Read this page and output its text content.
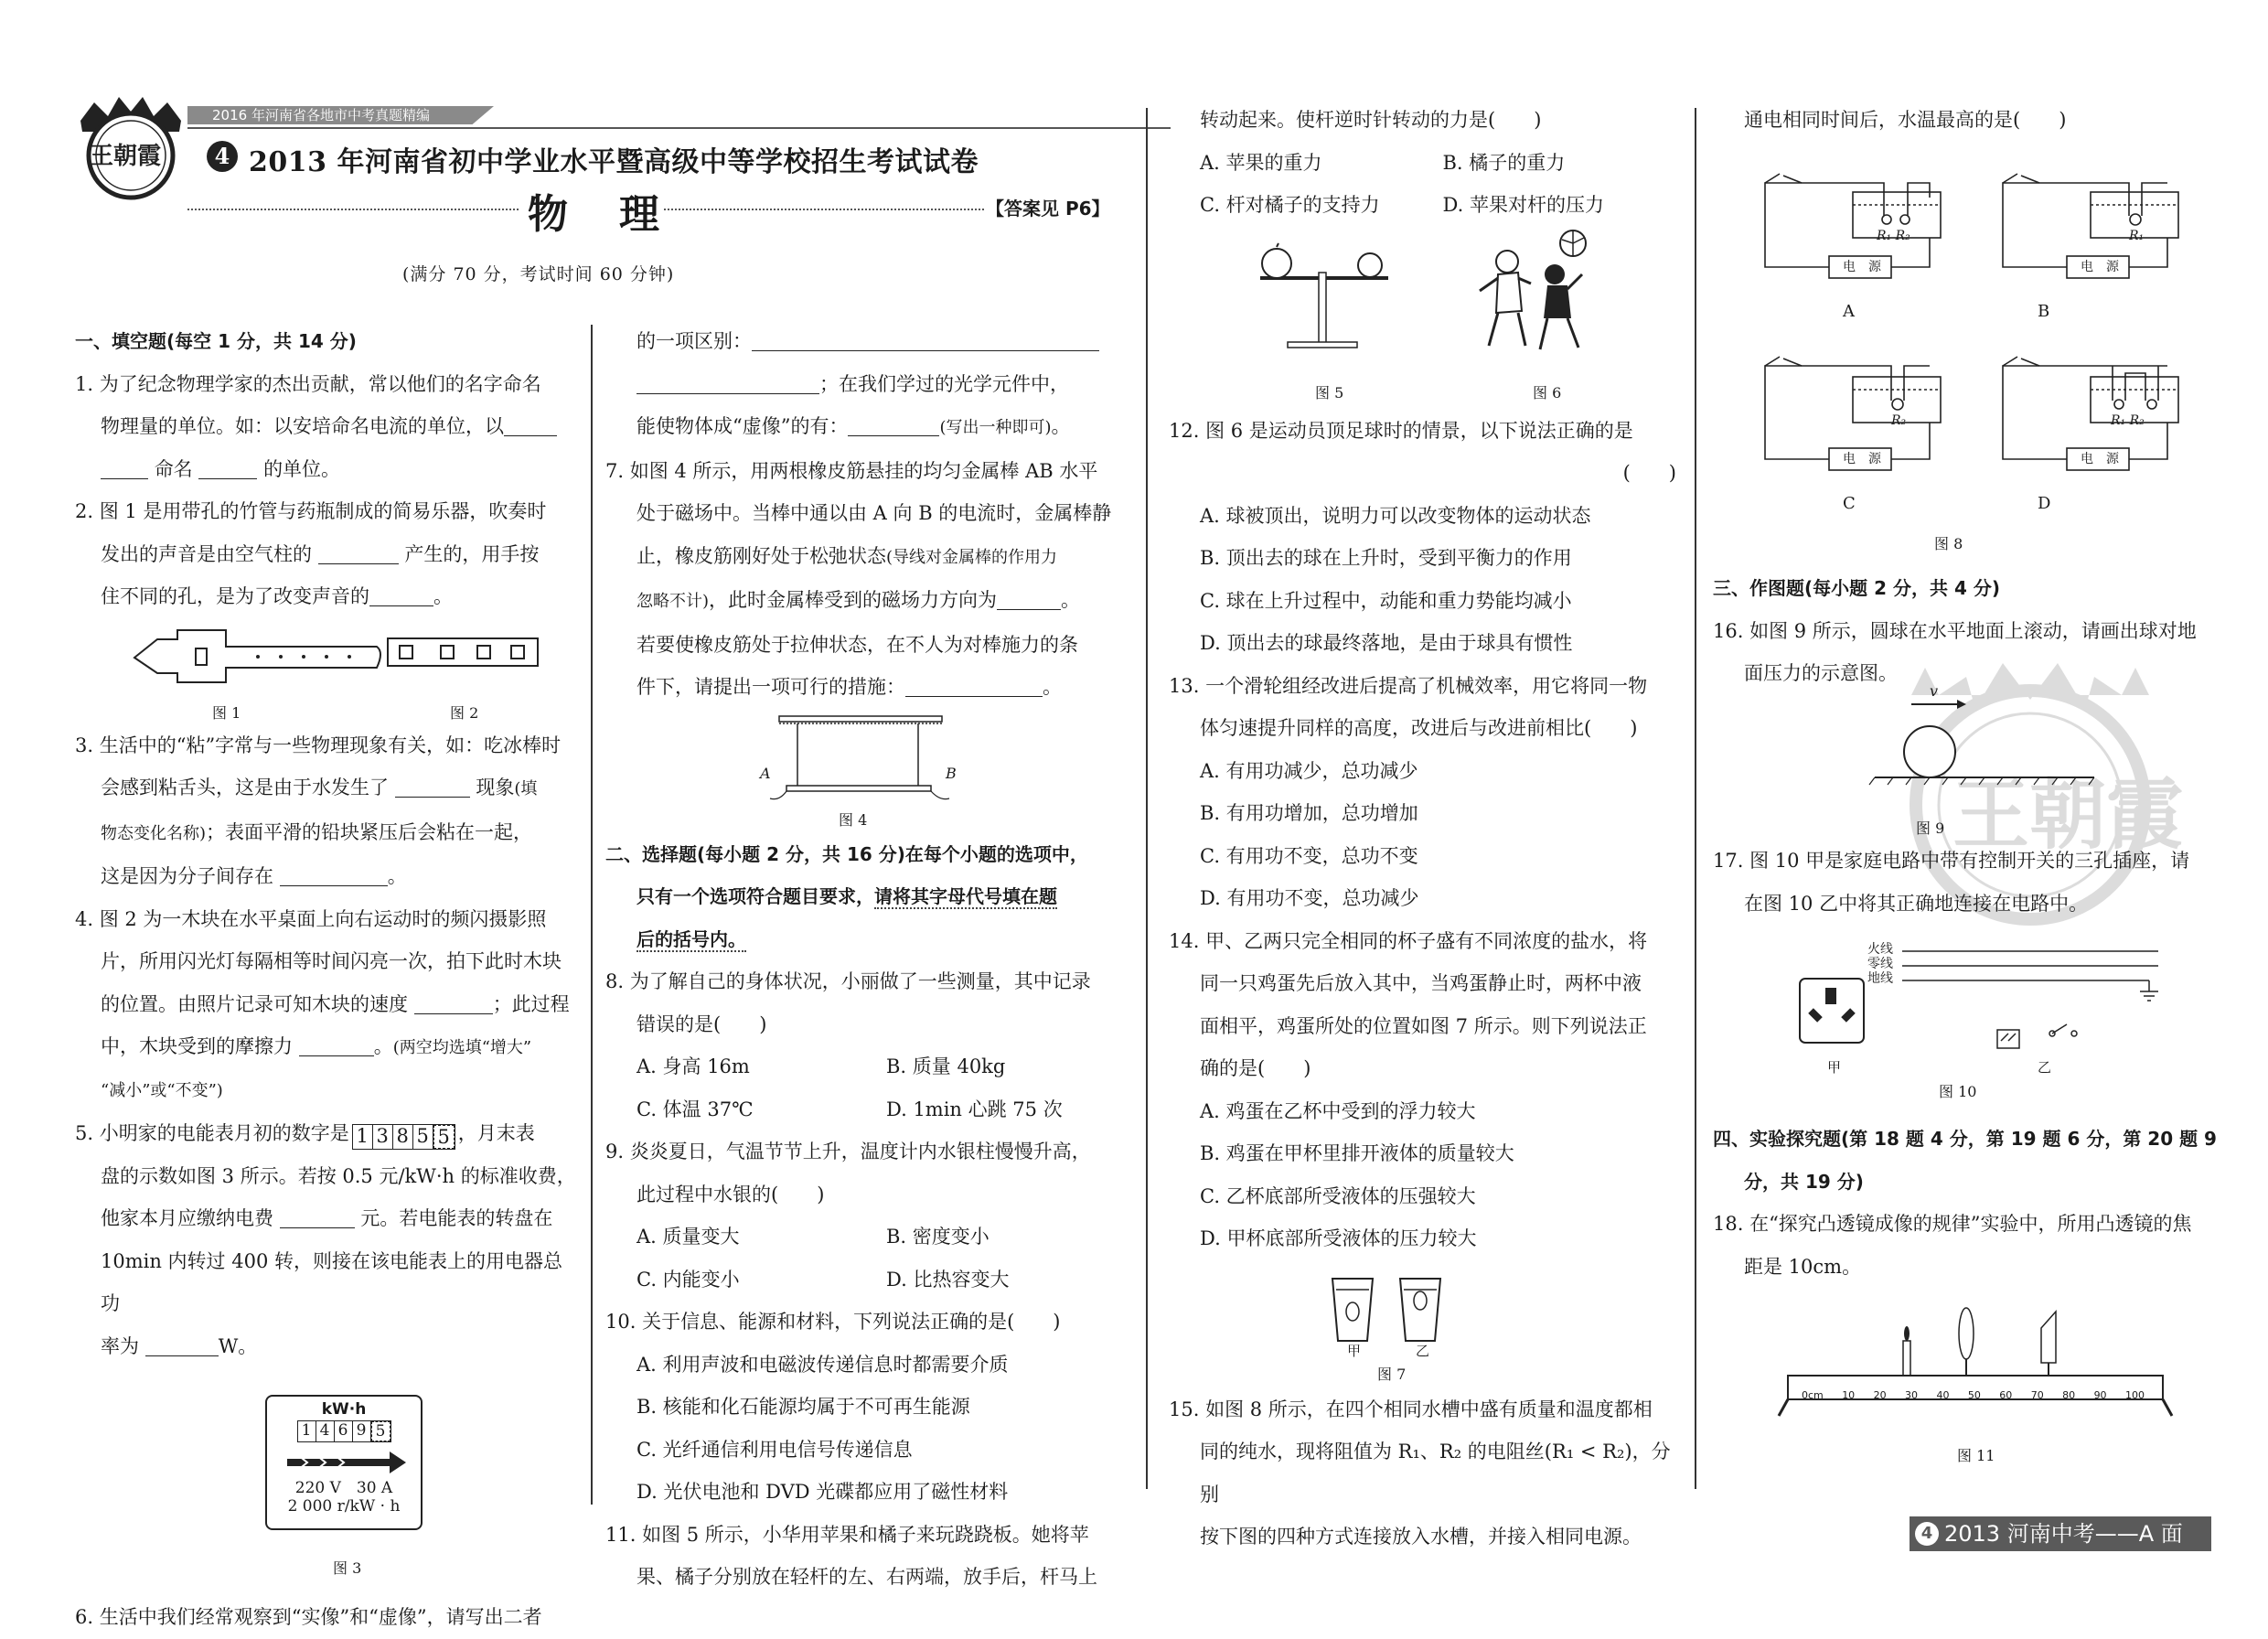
2016 年河南省各地市中考真题精编
王朝霞	4 2013 年河南省初中学业水平暨高级中等学校招生考试试卷
物　理	【答案见 P6】
(满分 70 分，考试时间 60 分钟)

一、填空题(每空 1 分，共 14 分)

1. 为了纪念物理学家的杰出贡献，常以他们的名字命名

物理量的单位。如：以安培命名电流的单位，以

命名	的单位。

2. 图 1 是用带孔的竹管与药瓶制成的简易乐器，吹奏时

发出的声音是由空气柱的	产生的，用手按

住不同的孔，是为了改变声音的	。

图 1	图 2

3. 生活中的“粘”字常与一些物理现象有关，如：吃冰棒时

会感到粘舌头，这是由于水发生了	现象(填

物态变化名称)；表面平滑的铅块紧压后会粘在一起，

这是因为分子间存在	。

4. 图 2 为一木块在水平桌面上向右运动时的频闪摄影照

片，所用闪光灯每隔相等时间闪亮一次，拍下此时木块

的位置。由照片记录可知木块的速度	；此过程

中，木块受到的摩擦力	。(两空均选填“增大”

“减小”或“不变”)

5. 小明家的电能表月初的数字是 1 3 8 5 5 ，月末表

盘的示数如图 3 所示。若按 0.5 元/kW·h 的标准收费，

他家本月应缴纳电费	元。若电能表的转盘在

10min 内转过 400 转，则接在该电能表上的用电器总功

率为	W。

kW·h
1 4 6 9 5
220 V　30 A
2 000 r/kW · h
图 3

6. 生活中我们经常观察到“实像”和“虚像”，请写出二者

的一项区别：

；在我们学过的光学元件中，

能使物体成“虚像”的有：	(写出一种即可)。

7. 如图 4 所示，用两根橡皮筋悬挂的均匀金属棒 AB 水平

处于磁场中。当棒中通以由 A 向 B 的电流时，金属棒静

止，橡皮筋刚好处于松弛状态(导线对金属棒的作用力

忽略不计)，此时金属棒受到的磁场力方向为	。

若要使橡皮筋处于拉伸状态，在不人为对棒施力的条

件下，请提出一项可行的措施：	。

A	B
图 4

二、选择题(每小题 2 分，共 16 分)在每个小题的选项中，

只有一个选项符合题目要求，请将其字母代号填在题

后的括号内。

8. 为了解自己的身体状况，小丽做了一些测量，其中记录

错误的是(　　)

A. 身高 16m	B. 质量 40kg
C. 体温 37℃	D. 1min 心跳 75 次

9. 炎炎夏日，气温节节上升，温度计内水银柱慢慢升高，

此过程中水银的(　　)

A. 质量变大	B. 密度变小
C. 内能变小	D. 比热容变大

10. 关于信息、能源和材料，下列说法正确的是(　　)

A. 利用声波和电磁波传递信息时都需要介质

B. 核能和化石能源均属于不可再生能源

C. 光纤通信利用电信号传递信息

D. 光伏电池和 DVD 光碟都应用了磁性材料

11. 如图 5 所示，小华用苹果和橘子来玩跷跷板。她将苹

果、橘子分别放在轻杆的左、右两端，放手后，杆马上

转动起来。使杆逆时针转动的力是(　　)

A. 苹果的重力	B. 橘子的重力
C. 杆对橘子的支持力	D. 苹果对杆的压力
图 5	图 6

12. 图 6 是运动员顶足球时的情景，以下说法正确的是

(　　)

A. 球被顶出，说明力可以改变物体的运动状态

B. 顶出去的球在上升时，受到平衡力的作用

C. 球在上升过程中，动能和重力势能均减小

D. 顶出去的球最终落地，是由于球具有惯性

13. 一个滑轮组经改进后提高了机械效率，用它将同一物

体匀速提升同样的高度，改进后与改进前相比(　　)

A. 有用功减少，总功减少

B. 有用功增加，总功增加

C. 有用功不变，总功不变

D. 有用功不变，总功减少

14. 甲、乙两只完全相同的杯子盛有不同浓度的盐水，将

同一只鸡蛋先后放入其中，当鸡蛋静止时，两杯中液

面相平，鸡蛋所处的位置如图 7 所示。则下列说法正

确的是(　　)

A. 鸡蛋在乙杯中受到的浮力较大

B. 鸡蛋在甲杯里排开液体的质量较大

C. 乙杯底部所受液体的压强较大

D. 甲杯底部所受液体的压力较大

甲	乙
图 7

15. 如图 8 所示，在四个相同水槽中盛有质量和温度都相

同的纯水，现将阻值为 R₁、R₂ 的电阻丝(R₁ < R₂)，分别

按下图的四种方式连接放入水槽，并接入相同电源。

通电相同时间后，水温最高的是(　　)

电　源	电　源
电　源	电　源
R₁ R₂	R₁
R₂	R₁ R₂
A	B
C	D
图 8

三、作图题(每小题 2 分，共 4 分)

16. 如图 9 所示，圆球在水平地面上滚动，请画出球对地

面压力的示意图。

王朝霞
v
图 9

17. 图 10 甲是家庭电路中带有控制开关的三孔插座，请

在图 10 乙中将其正确地连接在电路中。

火线
零线
地线
甲	乙
图 10

四、实验探究题(第 18 题 4 分，第 19 题 6 分，第 20 题 9

分，共 19 分)

18. 在“探究凸透镜成像的规律”实验中，所用凸透镜的焦

距是 10cm。

0cm 10 20 30 40 50 60 70 80 90 100
图 11
4 2013 河南中考——A 面
